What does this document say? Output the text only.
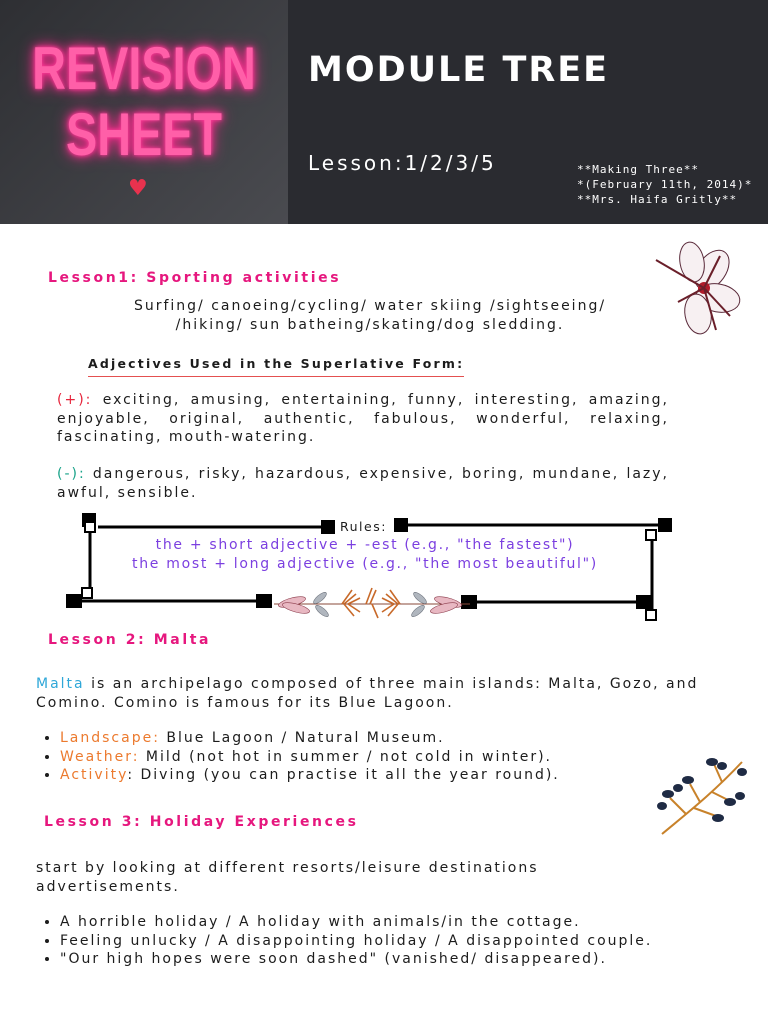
REVISION
SHEET
♥
MODULE TREE
Lesson:1/2/3/5	**Making Three**
*(February 11th, 2014)*
**Mrs. Haifa Gritly**
Lesson1: Sporting activities
Surfing/ canoeing/cycling/ water skiing /sightseeing/
/hiking/ sun batheing/skating/dog sledding.
Adjectives Used in the Superlative Form:
(+): exciting, amusing, entertaining, funny, interesting, amazing, enjoyable, original, authentic, fabulous, wonderful, relaxing, fascinating, mouth-watering.
(-): dangerous, risky, hazardous, expensive, boring, mundane, lazy, awful, sensible.
Rules:
the + short adjective + -est (e.g., "the fastest")
the most + long adjective (e.g., "the most beautiful")
Lesson 2: Malta
Malta is an archipelago composed of three main islands: Malta, Gozo, and Comino. Comino is famous for its Blue Lagoon.
• Landscape: Blue Lagoon / Natural Museum.
• Weather: Mild (not hot in summer / not cold in winter).
• Activity: Diving (you can practise it all the year round).
Lesson 3: Holiday Experiences
start by looking at different resorts/leisure destinations advertisements.
• A horrible holiday / A holiday with animals/in the cottage.
• Feeling unlucky / A disappointing holiday / A disappointed couple.
• "Our high hopes were soon dashed" (vanished/ disappeared).
